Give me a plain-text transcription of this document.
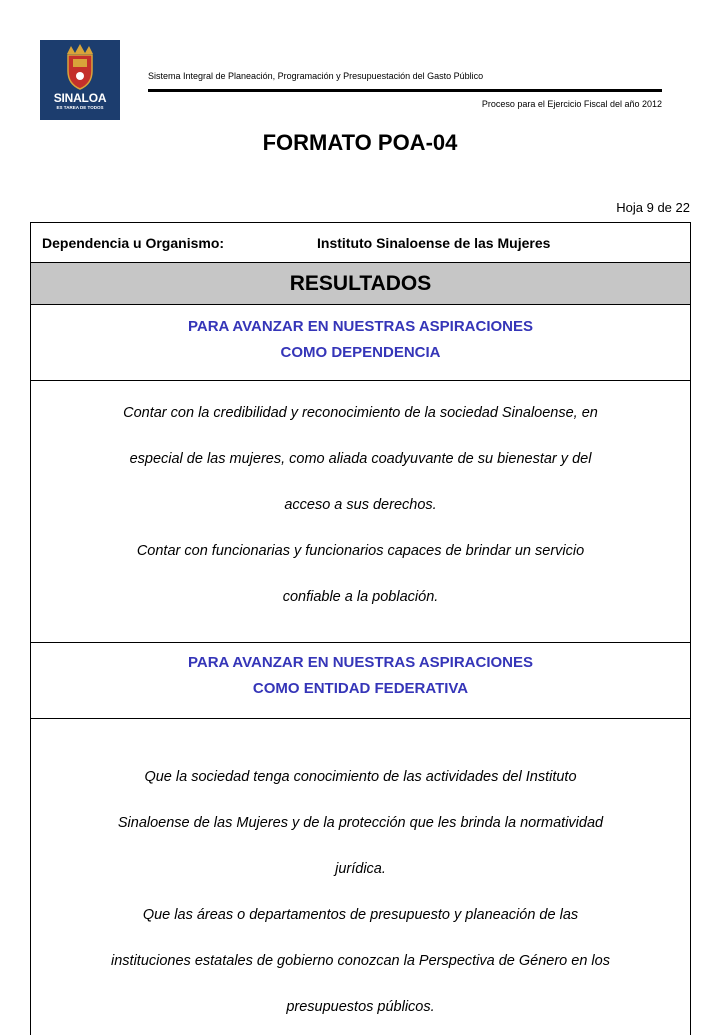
SINALOA
ES TAREA DE TODOS
Sistema Integral de Planeación, Programación y Presupuestación del Gasto Público
Proceso para el Ejercicio Fiscal del año 2012
FORMATO POA-04
Hoja 9 de 22
Dependencia u Organismo:	Instituto Sinaloense de las Mujeres
RESULTADOS
PARA AVANZAR EN NUESTRAS ASPIRACIONES
COMO DEPENDENCIA
Contar con la credibilidad y reconocimiento de la sociedad Sinaloense, en
especial de las mujeres, como aliada coadyuvante de su bienestar y del
acceso a sus derechos.
Contar con funcionarias y funcionarios capaces de brindar un servicio
confiable a la población.
PARA AVANZAR EN NUESTRAS ASPIRACIONES
COMO ENTIDAD FEDERATIVA
Que la sociedad tenga conocimiento de las actividades del Instituto
Sinaloense de las Mujeres y de la protección que les brinda la normatividad
jurídica.
Que las áreas o departamentos de presupuesto y planeación de las
instituciones estatales de gobierno conozcan la Perspectiva de Género en los
presupuestos públicos.
